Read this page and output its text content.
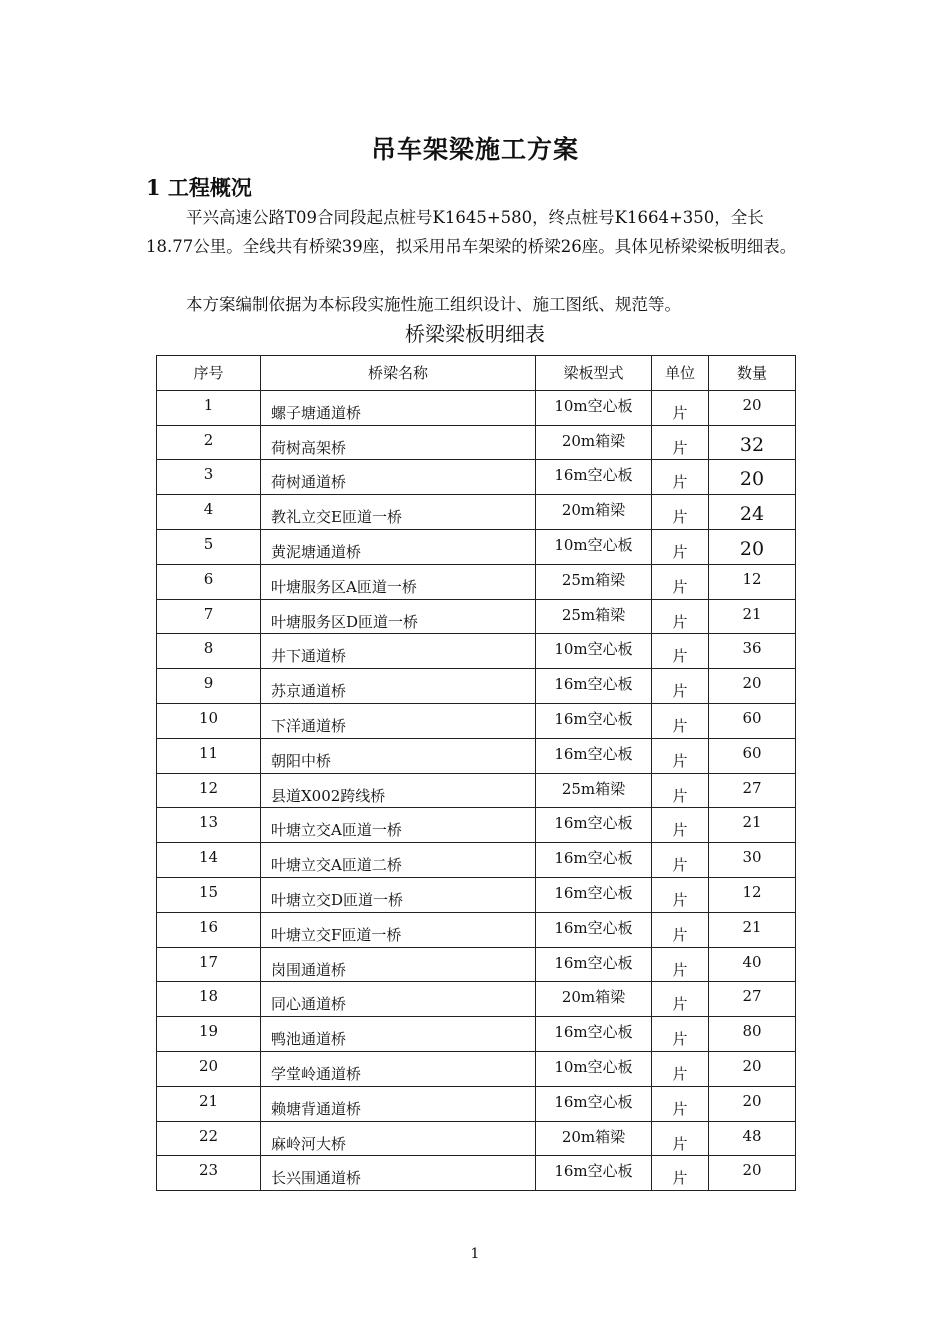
吊车架梁施工方案
1 工程概况
平兴高速公路T09合同段起点桩号K1645+580，终点桩号K1664+350，全长18.77公里。全线共有桥梁39座，拟采用吊车架梁的桥梁26座。具体见桥梁梁板明细表。
本方案编制依据为本标段实施性施工组织设计、施工图纸、规范等。
桥梁梁板明细表
序号	桥梁名称	梁板型式	单位	数量
1	螺子塘通道桥	10m空心板	片	20
2	荷树高架桥	20m箱梁	片	32
3	荷树通道桥	16m空心板	片	20
4	教礼立交E匝道一桥	20m箱梁	片	24
5	黄泥塘通道桥	10m空心板	片	20
6	叶塘服务区A匝道一桥	25m箱梁	片	12
7	叶塘服务区D匝道一桥	25m箱梁	片	21
8	井下通道桥	10m空心板	片	36
9	苏京通道桥	16m空心板	片	20
10	下洋通道桥	16m空心板	片	60
11	朝阳中桥	16m空心板	片	60
12	县道X002跨线桥	25m箱梁	片	27
13	叶塘立交A匝道一桥	16m空心板	片	21
14	叶塘立交A匝道二桥	16m空心板	片	30
15	叶塘立交D匝道一桥	16m空心板	片	12
16	叶塘立交F匝道一桥	16m空心板	片	21
17	岗围通道桥	16m空心板	片	40
18	同心通道桥	20m箱梁	片	27
19	鸭池通道桥	16m空心板	片	80
20	学堂岭通道桥	10m空心板	片	20
21	赖塘背通道桥	16m空心板	片	20
22	麻岭河大桥	20m箱梁	片	48
23	长兴围通道桥	16m空心板	片	20
1
